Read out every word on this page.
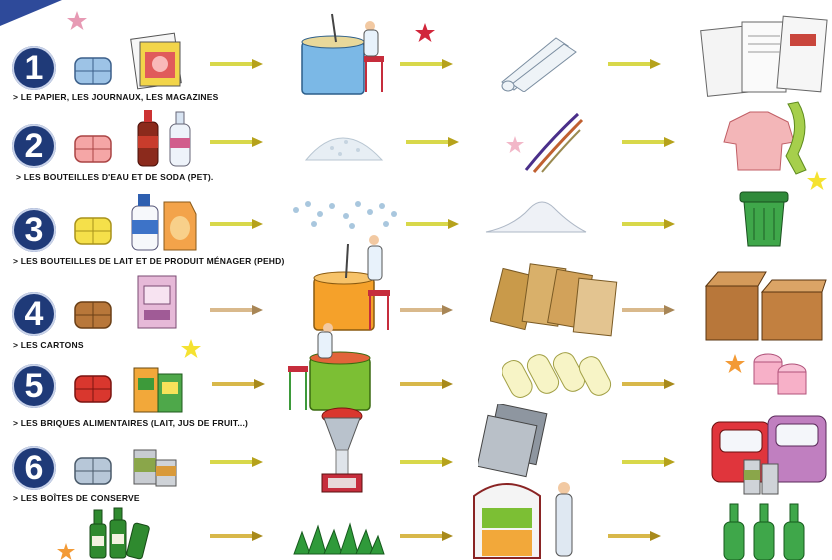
1
2
3
4
5
6
> LE PAPIER, LES JOURNAUX, LES MAGAZINES
> LES BOUTEILLES D'EAU ET DE SODA (PET).
> LES BOUTEILLES DE LAIT ET DE PRODUIT MÉNAGER (PEHD)
> LES CARTONS
> LES BRIQUES ALIMENTAIRES (LAIT, JUS DE FRUIT...)
> LES BOÎTES DE CONSERVE
